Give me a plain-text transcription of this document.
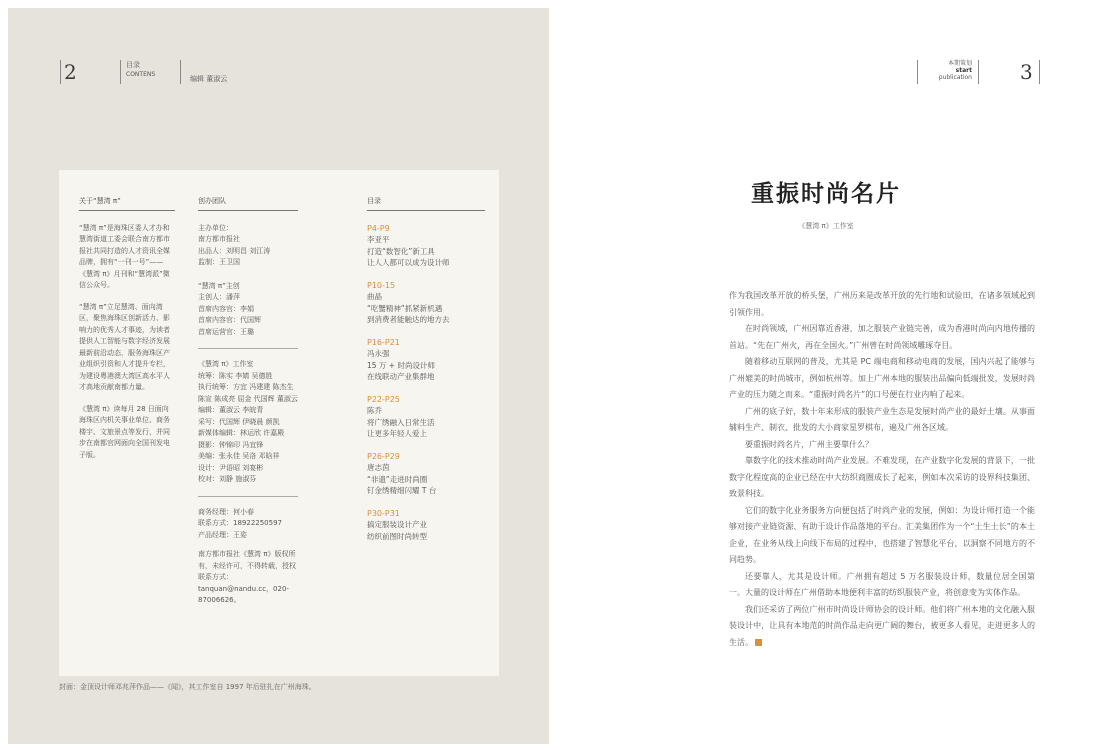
2	目录
CONTENS
编辑 董淑云
关于“慧湾 π”
“慧湾 π”是海珠区委人才办和慧湾街道工委会联合南方都市报社共同打造的人才资讯全媒品牌，拥有“一刊一号”——《慧湾 π》月刊和“慧湾派”微信公众号。
“慧湾 π”立足慧湾、面向湾区，聚焦海珠区创新活力、影响力的优秀人才事迹，为读者提供人工智能与数字经济发展最新前沿动态，服务海珠区产业组织引资和人才提升专栏，为建设粤港澳大湾区高水平人才高地贡献南都力量。
《慧湾 π》读每月 28 日面向海珠区内机关事业单位、商务楼宇、文旅景点等发行，并同步在南都官网面向全国刊发电子版。
创办团队
主办单位：
南方都市报社
出品人：刘明昌 刘江涛
监制：王卫国
“慧湾 π”主创
主创人：潘萍
首席内容官：李娟
首席内容官：代国辉
首席运营官：王璐
《慧湾 π》工作室
统筹：陈实 李婧 吴德胜
执行统筹：方宜 冯建建 陈杰生
陈宣 陈成亮 屈金 代国辉 董淑云
编辑：董淑云 李皖青
采写：代国辉 伊晓晨 颜凯
新媒体编辑：林运欣 许嘉殿
摄影：钟锦印 冯宜锋
美编：张永佳 吴洛 邓晗祥
设计：尹语昭 刘宴彬
校对：刘静 施淑芬
商务经理：何小春
联系方式：18922250597
产品经理：王姿
南方都市报社《慧湾 π》版权所有，未经许可，不得转载，授权联系方式：tanquan@nandu.cc，020-87006626。
目录
P4-P9
李亚平
打造“数智化”新工具
让人人都可以成为设计师
P10-15
曲晶
“吃蟹精神”抓紧新机遇
到消费者能触达的地方去
P16-P21
冯永强
15 万 + 时尚设计师
在线联动产业集群地
P22-P25
陈乔
将广绣融入日常生活
让更多年轻人爱上
P26-P29
唐志茵
“非遗”走进时尚圈
钉金绣精细闪耀 T 台
P30-P31
搞定服装设计产业
纺织前图时尚转型
封面：金顶设计师邓兆萍作品——《闻》，其工作室自 1997 年后驻扎在广州海珠。
本期策划
start
publication 3
重振时尚名片
《慧湾 π》工作室

作为我国改革开放的桥头堡，广州历来是改革开放的先行地和试验田，在诸多领域起到引领作用。

在时尚领域，广州因靠近香港，加之服装产业链完善，成为香港时尚向内地传播的首站。“先在广州火，再在全国火。”广州曾在时尚领域雕琢夺目。

随着移动互联网的普及，尤其是 PC 端电商和移动电商的发展，国内兴起了能够与广州媲美的时尚城市，例如杭州等。加上广州本地的服装出品偏向低端批发，发展时尚产业的压力随之而来。“重振时尚名片”的口号便在行业内响了起来。

广州的底子好，数十年来形成的服装产业生态是发展时尚产业的最好土壤。从事面辅料生产、制衣、批发的大小商家星罗棋布，遍及广州各区域。

要重振时尚名片，广州主要靠什么？

靠数字化的技术推动时尚产业发展。不难发现，在产业数字化发展的背景下，一批数字化程度高的企业已经在中大纺织商圈成长了起来，例如本次采访的设界科技集团、致景科技。

它们的数字化业务服务方向便包括了时尚产业的发展，例如：为设计师打造一个能够对接产业链资源、有助于设计作品落地的平台。汇美集团作为一个“土生土长”的本土企业，在业务从线上向线下布局的过程中，也搭建了智慧化平台，以洞察不同地方的不同趋势。

还要靠人，尤其是设计师。广州拥有超过 5 万名服装设计师，数量位居全国第一。大量的设计师在广州借助本地便利丰富的纺织服装产业，将创意变为实体作品。

我们还采访了两位广州市时尚设计师协会的设计师。他们将广州本地的文化融入服装设计中，让具有本地范的时尚作品走向更广阔的舞台，被更多人看见，走进更多人的生活。
